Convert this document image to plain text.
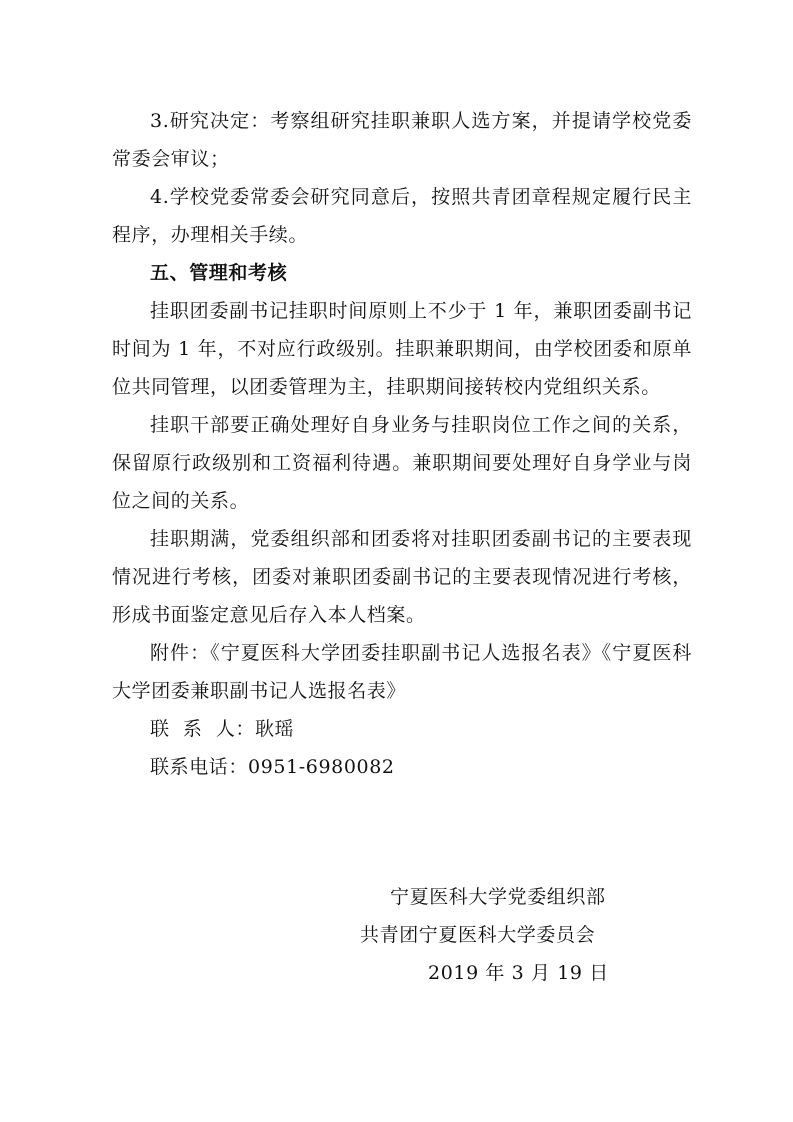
3.研究决定：考察组研究挂职兼职人选方案，并提请学校党委常委会审议；

4.学校党委常委会研究同意后，按照共青团章程规定履行民主程序，办理相关手续。

五、管理和考核

挂职团委副书记挂职时间原则上不少于 1 年，兼职团委副书记时间为 1 年，不对应行政级别。挂职兼职期间，由学校团委和原单位共同管理，以团委管理为主，挂职期间接转校内党组织关系。

挂职干部要正确处理好自身业务与挂职岗位工作之间的关系，保留原行政级别和工资福利待遇。兼职期间要处理好自身学业与岗位之间的关系。

挂职期满，党委组织部和团委将对挂职团委副书记的主要表现情况进行考核，团委对兼职团委副书记的主要表现情况进行考核，形成书面鉴定意见后存入本人档案。

附件：《宁夏医科大学团委挂职副书记人选报名表》《宁夏医科大学团委兼职副书记人选报名表》

联  系  人：耿瑶

联系电话：0951-6980082

宁夏医科大学党委组织部

共青团宁夏医科大学委员会

2019 年 3 月 19 日
